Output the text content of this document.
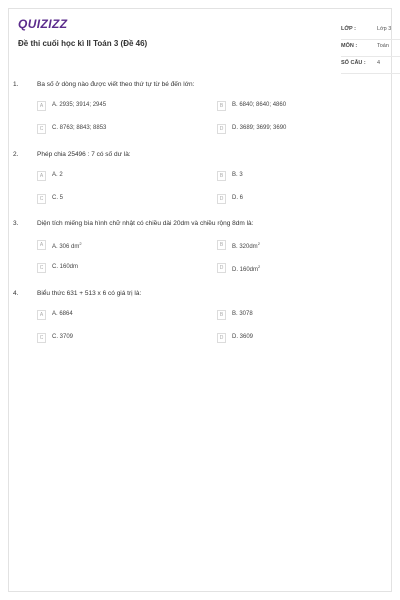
QUIZIZZ
Đề thi cuối học kì II Toán 3 (Đề 46)
LỚP :	Lớp 3
MÔN :	Toán
SỐ CÂU : 4
1.	Ba số ở dòng nào được viết theo thứ tự từ bé đến lớn:
A	A. 2935; 3914; 2945	B	B. 6840; 8640; 4860
C	C. 8763; 8843; 8853	D	D. 3689; 3699; 3690
2.	Phép chia 25496 : 7 có số dư là:
A	A. 2	B	B. 3
C	C. 5	D	D. 6
3.	Diện tích miếng bìa hình chữ nhật có chiều dài 20dm và chiều rộng 8dm là:
A	A. 306 $dm^2$	B	B. $320dm^2$
C	C. 160dm	D	D. $160dm^2$
4.	Biểu thức 631 + 513 x 6 có giá trị là:
A	A. 6864	B	B. 3078
C	C. 3709	D	D. 3609
